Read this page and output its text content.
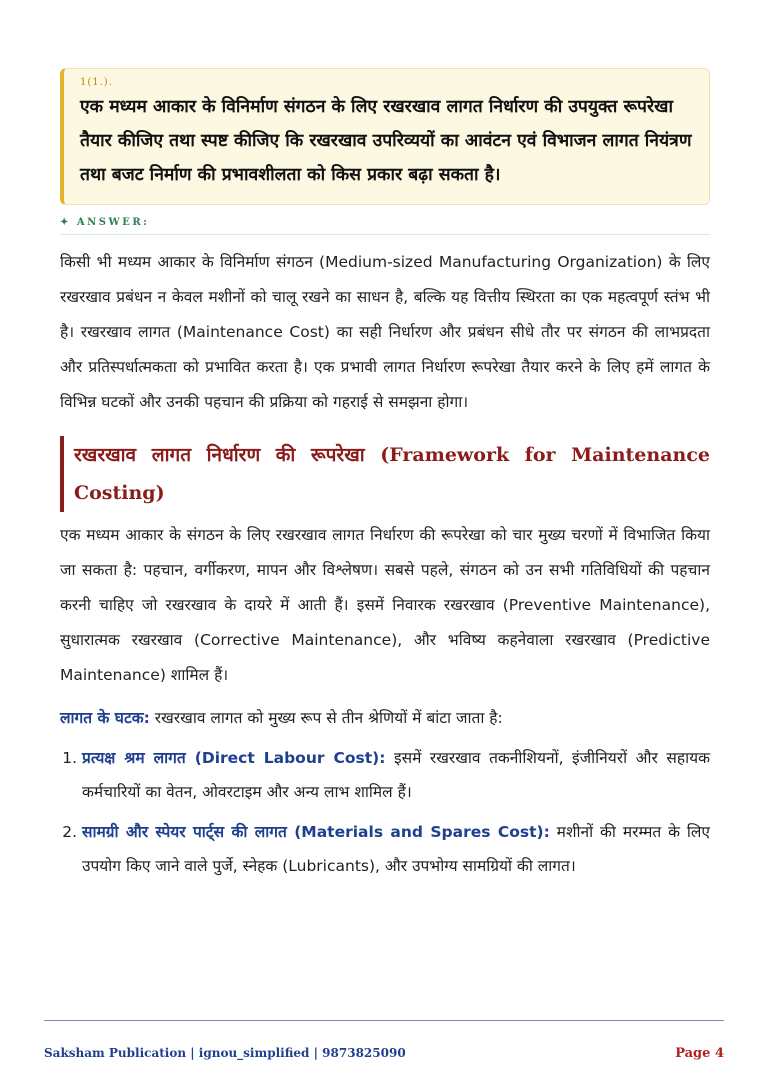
1(1.).
एक मध्यम आकार के विनिर्माण संगठन के लिए रखरखाव लागत निर्धारण की उपयुक्त रूपरेखा तैयार कीजिए तथा स्पष्ट कीजिए कि रखरखाव उपरिव्ययों का आवंटन एवं विभाजन लागत नियंत्रण तथा बजट निर्माण की प्रभावशीलता को किस प्रकार बढ़ा सकता है।
✦ ANSWER:

किसी भी मध्यम आकार के विनिर्माण संगठन (Medium-sized Manufacturing Organization) के लिए रखरखाव प्रबंधन न केवल मशीनों को चालू रखने का साधन है, बल्कि यह वित्तीय स्थिरता का एक महत्वपूर्ण स्तंभ भी है। रखरखाव लागत (Maintenance Cost) का सही निर्धारण और प्रबंधन सीधे तौर पर संगठन की लाभप्रदता और प्रतिस्पर्धात्मकता को प्रभावित करता है। एक प्रभावी लागत निर्धारण रूपरेखा तैयार करने के लिए हमें लागत के विभिन्न घटकों और उनकी पहचान की प्रक्रिया को गहराई से समझना होगा।

रखरखाव लागत निर्धारण की रूपरेखा (Framework for Maintenance Costing)

एक मध्यम आकार के संगठन के लिए रखरखाव लागत निर्धारण की रूपरेखा को चार मुख्य चरणों में विभाजित किया जा सकता है: पहचान, वर्गीकरण, मापन और विश्लेषण। सबसे पहले, संगठन को उन सभी गतिविधियों की पहचान करनी चाहिए जो रखरखाव के दायरे में आती हैं। इसमें निवारक रखरखाव (Preventive Maintenance), सुधारात्मक रखरखाव (Corrective Maintenance), और भविष्य कहनेवाला रखरखाव (Predictive Maintenance) शामिल हैं।

लागत के घटक: रखरखाव लागत को मुख्य रूप से तीन श्रेणियों में बांटा जाता है:
1. प्रत्यक्ष श्रम लागत (Direct Labour Cost): इसमें रखरखाव तकनीशियनों, इंजीनियरों और सहायक कर्मचारियों का वेतन, ओवरटाइम और अन्य लाभ शामिल हैं।
2. सामग्री और स्पेयर पार्ट्स की लागत (Materials and Spares Cost): मशीनों की मरम्मत के लिए उपयोग किए जाने वाले पुर्जे, स्नेहक (Lubricants), और उपभोग्य सामग्रियों की लागत।
Saksham Publication | ignou_simplified | 9873825090	Page 4
